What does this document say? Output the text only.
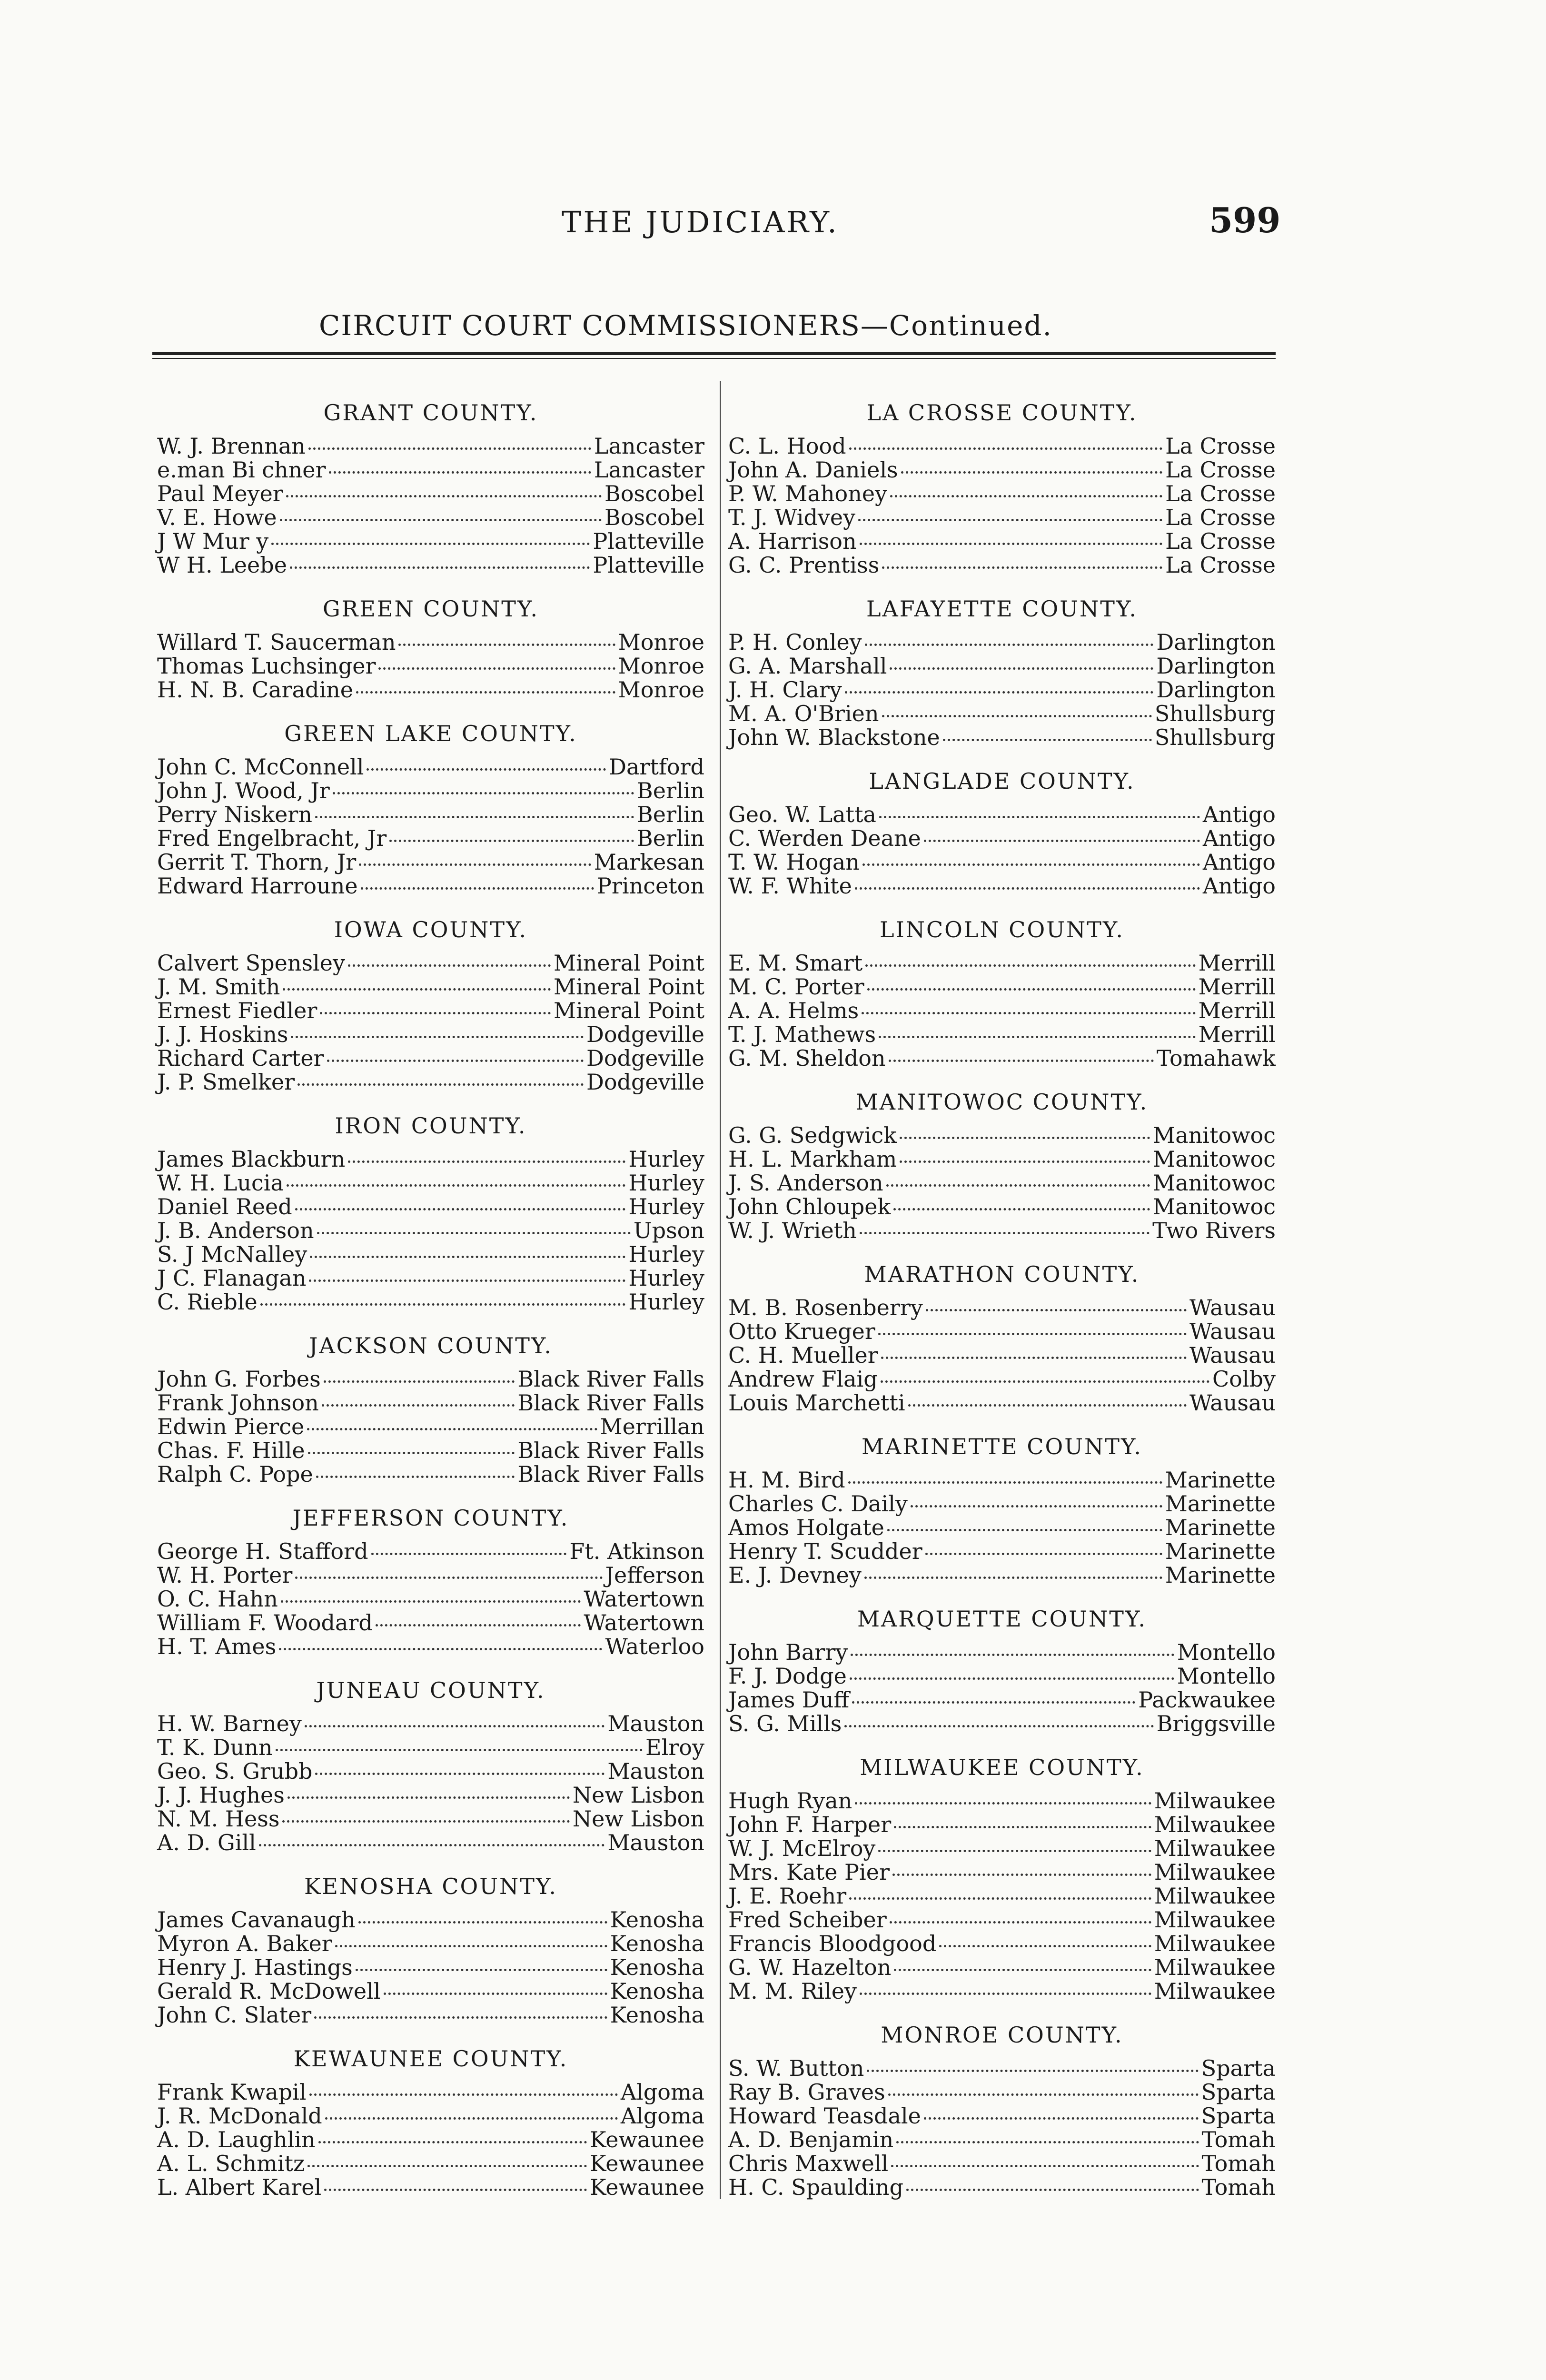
THE JUDICIARY.	599
CIRCUIT COURT COMMISSIONERS—Continued.
GRANT COUNTY.
W. J. Brennan	Lancaster
e.man Bi chner	Lancaster
Paul Meyer	Boscobel
V. E. Howe	Boscobel
J W Mur y	Platteville
W H. Leebe	Platteville
GREEN COUNTY.
Willard T. Saucerman	Monroe
Thomas Luchsinger	Monroe
H. N. B. Caradine	Monroe
GREEN LAKE COUNTY.
John C. McConnell	Dartford
John J. Wood, Jr	Berlin
Perry Niskern	Berlin
Fred Engelbracht, Jr	Berlin
Gerrit T. Thorn, Jr	Markesan
Edward Harroune	Princeton
IOWA COUNTY.
Calvert Spensley	Mineral Point
J. M. Smith	Mineral Point
Ernest Fiedler	Mineral Point
J. J. Hoskins	Dodgeville
Richard Carter	Dodgeville
J. P. Smelker	Dodgeville
IRON COUNTY.
James Blackburn	Hurley
W. H. Lucia	Hurley
Daniel Reed	Hurley
J. B. Anderson	Upson
S. J McNalley	Hurley
J C. Flanagan	Hurley
C. Rieble	Hurley
JACKSON COUNTY.
John G. Forbes	Black River Falls
Frank Johnson	Black River Falls
Edwin Pierce	Merrillan
Chas. F. Hille	Black River Falls
Ralph C. Pope	Black River Falls
JEFFERSON COUNTY.
George H. Stafford	Ft. Atkinson
W. H. Porter	Jefferson
O. C. Hahn	Watertown
William F. Woodard	Watertown
H. T. Ames	Waterloo
JUNEAU COUNTY.
H. W. Barney	Mauston
T. K. Dunn	Elroy
Geo. S. Grubb	Mauston
J. J. Hughes	New Lisbon
N. M. Hess	New Lisbon
A. D. Gill	Mauston
KENOSHA COUNTY.
James Cavanaugh	Kenosha
Myron A. Baker	Kenosha
Henry J. Hastings	Kenosha
Gerald R. McDowell	Kenosha
John C. Slater	Kenosha
KEWAUNEE COUNTY.
Frank Kwapil	Algoma
J. R. McDonald	Algoma
A. D. Laughlin	Kewaunee
A. L. Schmitz	Kewaunee
L. Albert Karel	Kewaunee
LA CROSSE COUNTY.
C. L. Hood	La Crosse
John A. Daniels	La Crosse
P. W. Mahoney	La Crosse
T. J. Widvey	La Crosse
A. Harrison	La Crosse
G. C. Prentiss	La Crosse
LAFAYETTE COUNTY.
P. H. Conley	Darlington
G. A. Marshall	Darlington
J. H. Clary	Darlington
M. A. O'Brien	Shullsburg
John W. Blackstone	Shullsburg
LANGLADE COUNTY.
Geo. W. Latta	Antigo
C. Werden Deane	Antigo
T. W. Hogan	Antigo
W. F. White	Antigo
LINCOLN COUNTY.
E. M. Smart	Merrill
M. C. Porter	Merrill
A. A. Helms	Merrill
T. J. Mathews	Merrill
G. M. Sheldon	Tomahawk
MANITOWOC COUNTY.
G. G. Sedgwick	Manitowoc
H. L. Markham	Manitowoc
J. S. Anderson	Manitowoc
John Chloupek	Manitowoc
W. J. Wrieth	Two Rivers
MARATHON COUNTY.
M. B. Rosenberry	Wausau
Otto Krueger	Wausau
C. H. Mueller	Wausau
Andrew Flaig	Colby
Louis Marchetti	Wausau
MARINETTE COUNTY.
H. M. Bird	Marinette
Charles C. Daily	Marinette
Amos Holgate	Marinette
Henry T. Scudder	Marinette
E. J. Devney	Marinette
MARQUETTE COUNTY.
John Barry	Montello
F. J. Dodge	Montello
James Duff	Packwaukee
S. G. Mills	Briggsville
MILWAUKEE COUNTY.
Hugh Ryan	Milwaukee
John F. Harper	Milwaukee
W. J. McElroy	Milwaukee
Mrs. Kate Pier	Milwaukee
J. E. Roehr	Milwaukee
Fred Scheiber	Milwaukee
Francis Bloodgood	Milwaukee
G. W. Hazelton	Milwaukee
M. M. Riley	Milwaukee
MONROE COUNTY.
S. W. Button	Sparta
Ray B. Graves	Sparta
Howard Teasdale	Sparta
A. D. Benjamin	Tomah
Chris Maxwell	Tomah
H. C. Spaulding	Tomah
